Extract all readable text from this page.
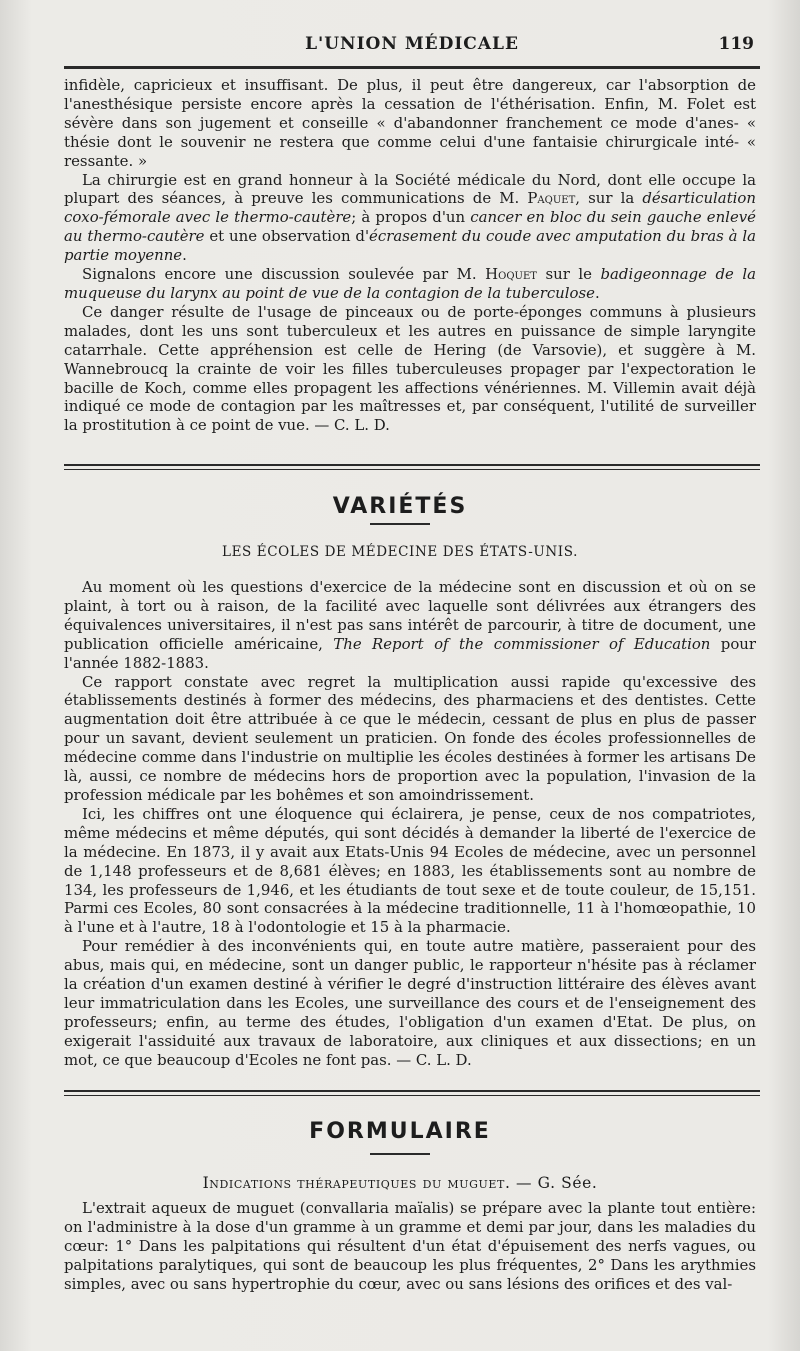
L'UNION MÉDICALE	119

infidèle, capricieux et insuffisant. De plus, il peut être dangereux, car l'absorption de l'anesthésique persiste encore après la cessation de l'éthérisation. Enfin, M. Folet est sévère dans son jugement et conseille « d'abandonner franchement ce mode d'anes- « thésie dont le souvenir ne restera que comme celui d'une fantaisie chirurgicale inté- « ressante. »

La chirurgie est en grand honneur à la Société médicale du Nord, dont elle occupe la plupart des séances, à preuve les communications de M. Paquet, sur la désarticulation coxo-fémorale avec le thermo-cautère; à propos d'un cancer en bloc du sein gauche enlevé au thermo-cautère et une observation d'écrasement du coude avec amputation du bras à la partie moyenne.

Signalons encore une discussion soulevée par M. Hoquet sur le badigeonnage de la muqueuse du larynx au point de vue de la contagion de la tuberculose.

Ce danger résulte de l'usage de pinceaux ou de porte-éponges communs à plusieurs malades, dont les uns sont tuberculeux et les autres en puissance de simple laryngite catarrhale. Cette appréhension est celle de Hering (de Varsovie), et suggère à M. Wannebroucq la crainte de voir les filles tuberculeuses propager par l'expectoration le bacille de Koch, comme elles propagent les affections vénériennes. M. Villemin avait déjà indiqué ce mode de contagion par les maîtresses et, par conséquent, l'utilité de surveiller la prostitution à ce point de vue. — C. L. D.

VARIÉTÉS
LES ÉCOLES DE MÉDECINE DES ÉTATS-UNIS.

Au moment où les questions d'exercice de la médecine sont en discussion et où on se plaint, à tort ou à raison, de la facilité avec laquelle sont délivrées aux étrangers des équivalences universitaires, il n'est pas sans intérêt de parcourir, à titre de document, une publication officielle américaine, The Report of the commissioner of Education pour l'année 1882-1883.

Ce rapport constate avec regret la multiplication aussi rapide qu'excessive des établissements destinés à former des médecins, des pharmaciens et des dentistes. Cette augmentation doit être attribuée à ce que le médecin, cessant de plus en plus de passer pour un savant, devient seulement un praticien. On fonde des écoles professionnelles de médecine comme dans l'industrie on multiplie les écoles destinées à former les artisans De là, aussi, ce nombre de médecins hors de proportion avec la population, l'invasion de la profession médicale par les bohêmes et son amoindrissement.

Ici, les chiffres ont une éloquence qui éclairera, je pense, ceux de nos compatriotes, même médecins et même députés, qui sont décidés à demander la liberté de l'exercice de la médecine. En 1873, il y avait aux Etats-Unis 94 Ecoles de médecine, avec un personnel de 1,148 professeurs et de 8,681 élèves; en 1883, les établissements sont au nombre de 134, les professeurs de 1,946, et les étudiants de tout sexe et de toute couleur, de 15,151. Parmi ces Ecoles, 80 sont consacrées à la médecine traditionnelle, 11 à l'homœopathie, 10 à l'une et à l'autre, 18 à l'odontologie et 15 à la pharmacie.

Pour remédier à des inconvénients qui, en toute autre matière, passeraient pour des abus, mais qui, en médecine, sont un danger public, le rapporteur n'hésite pas à réclamer la création d'un examen destiné à vérifier le degré d'instruction littéraire des élèves avant leur immatriculation dans les Ecoles, une surveillance des cours et de l'enseignement des professeurs; enfin, au terme des études, l'obligation d'un examen d'Etat. De plus, on exigerait l'assiduité aux travaux de laboratoire, aux cliniques et aux dissections; en un mot, ce que beaucoup d'Ecoles ne font pas. — C. L. D.

FORMULAIRE
Indications thérapeutiques du muguet. — G. Sée.

L'extrait aqueux de muguet (convallaria maïalis) se prépare avec la plante tout entière: on l'administre à la dose d'un gramme à un gramme et demi par jour, dans les maladies du cœur: 1° Dans les palpitations qui résultent d'un état d'épuisement des nerfs vagues, ou palpitations paralytiques, qui sont de beaucoup les plus fréquentes, 2° Dans les arythmies simples, avec ou sans hypertrophie du cœur, avec ou sans lésions des orifices et des val-
